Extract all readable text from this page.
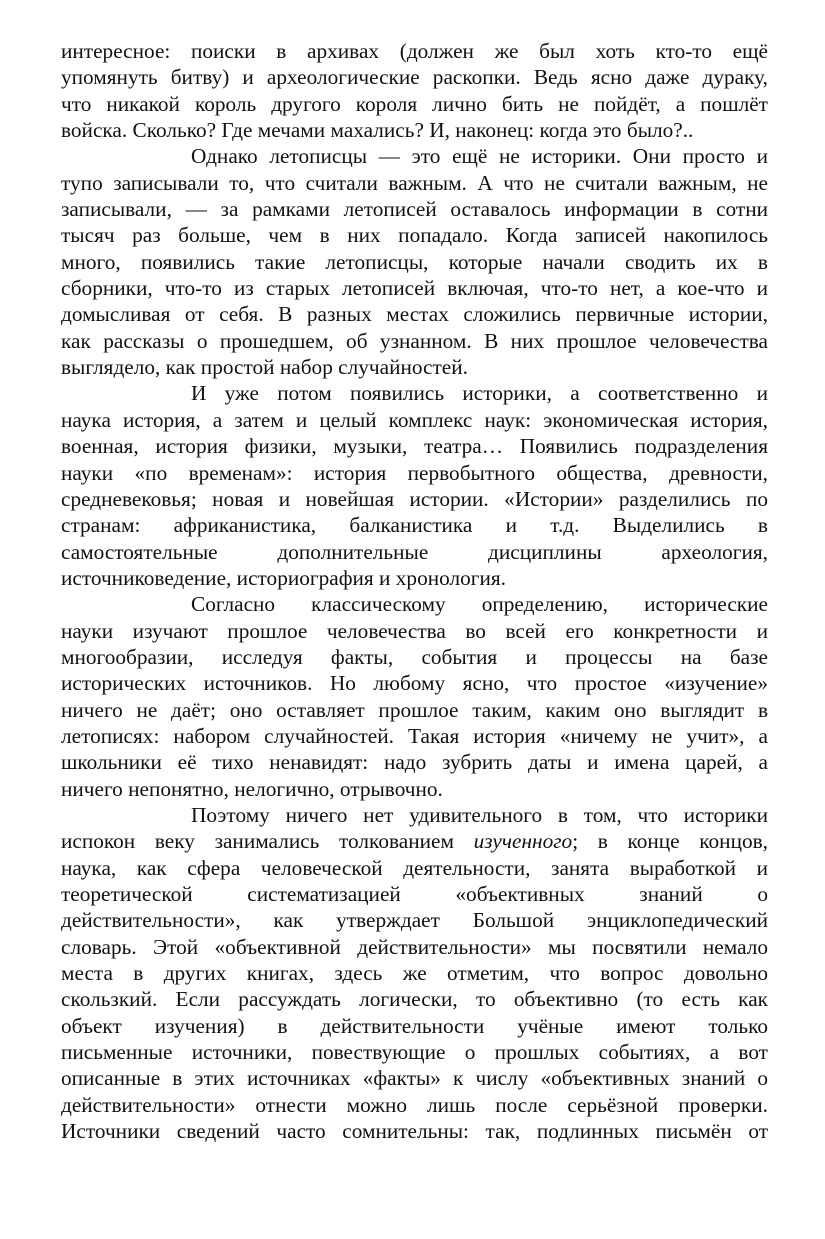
интересное: поиски в архивах (должен же был хоть кто-то ещё
упомянуть битву) и археологические раскопки. Ведь ясно даже дураку,
что никакой король другого короля лично бить не пойдёт, а пошлёт
войска. Сколько? Где мечами махались? И, наконец: когда это было?..
Однако летописцы — это ещё не историки. Они просто и
тупо записывали то, что считали важным. А что не считали важным, не
записывали, — за рамками летописей оставалось информации в сотни
тысяч раз больше, чем в них попадало. Когда записей накопилось
много, появились такие летописцы, которые начали сводить их в
сборники, что-то из старых летописей включая, что-то нет, а кое-что и
домысливая от себя. В разных местах сложились первичные истории,
как рассказы о прошедшем, об узнанном. В них прошлое человечества
выглядело, как простой набор случайностей.
И уже потом появились историки, а соответственно и
наука история, а затем и целый комплекс наук: экономическая история,
военная, история физики, музыки, театра… Появились подразделения
науки «по временам»: история первобытного общества, древности,
средневековья; новая и новейшая истории. «Истории» разделились по
странам: африканистика, балканистика и т.д. Выделились в
самостоятельные дополнительные дисциплины археология,
источниковедение, историография и хронология.
Согласно классическому определению, исторические
науки изучают прошлое человечества во всей его конкретности и
многообразии, исследуя факты, события и процессы на базе
исторических источников. Но любому ясно, что простое «изучение»
ничего не даёт; оно оставляет прошлое таким, каким оно выглядит в
летописях: набором случайностей. Такая история «ничему не учит», а
школьники её тихо ненавидят: надо зубрить даты и имена царей, а
ничего непонятно, нелогично, отрывочно.
Поэтому ничего нет удивительного в том, что историки
испокон веку занимались толкованием изученного; в конце концов,
наука, как сфера человеческой деятельности, занята выработкой и
теоретической систематизацией «объективных знаний о
действительности», как утверждает Большой энциклопедический
словарь. Этой «объективной действительности» мы посвятили немало
места в других книгах, здесь же отметим, что вопрос довольно
скользкий. Если рассуждать логически, то объективно (то есть как
объект изучения) в действительности учёные имеют только
письменные источники, повествующие о прошлых событиях, а вот
описанные в этих источниках «факты» к числу «объективных знаний о
действительности» отнести можно лишь после серьёзной проверки.
Источники сведений часто сомнительны: так, подлинных письмён от
